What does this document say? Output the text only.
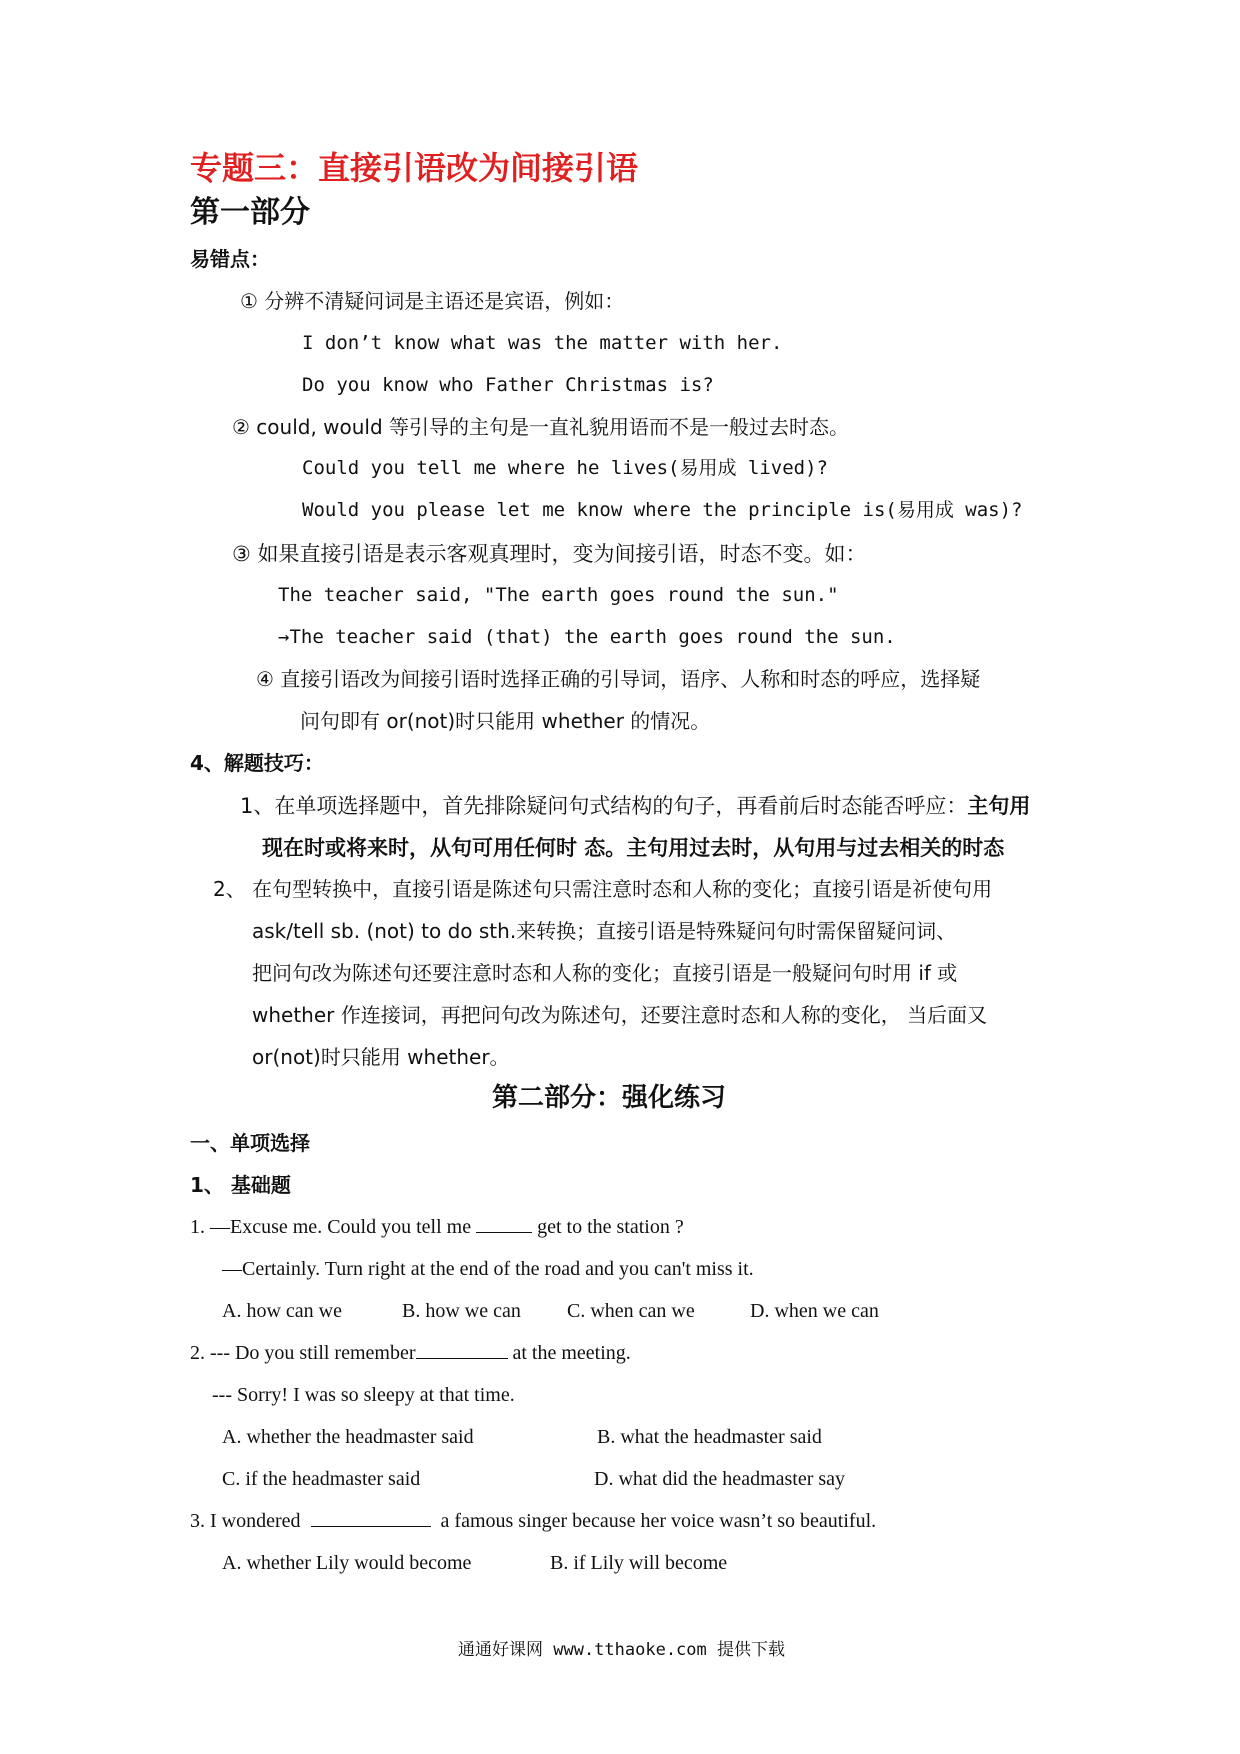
专题三：直接引语改为间接引语
第一部分
易错点：
① 分辨不清疑问词是主语还是宾语，例如：
I don’t know what was the matter with her.
Do you know who Father Christmas is?
② could, would 等引导的主句是一直礼貌用语而不是一般过去时态。
Could you tell me where he lives(易用成 lived)?
Would you please let me know where the principle is(易用成 was)?
③ 如果直接引语是表示客观真理时，变为间接引语，时态不变。如：
The teacher said, "The earth goes round the sun."
→The teacher said (that) the earth goes round the sun.
④ 直接引语改为间接引语时选择正确的引导词，语序、人称和时态的呼应，选择疑
问句即有 or(not)时只能用 whether 的情况。
4、解题技巧：
1、在单项选择题中，首先排除疑问句式结构的句子，再看前后时态能否呼应：主句用
现在时或将来时，从句可用任何时 态。主句用过去时，从句用与过去相关的时态
2、 在句型转换中，直接引语是陈述句只需注意时态和人称的变化；直接引语是祈使句用
ask/tell sb. (not) to do sth.来转换；直接引语是特殊疑问句时需保留疑问词、
把问句改为陈述句还要注意时态和人称的变化；直接引语是一般疑问句时用 if 或
whether 作连接词，再把问句改为陈述句，还要注意时态和人称的变化， 当后面又
or(not)时只能用 whether。
第二部分：强化练习
一、单项选择
1、 基础题
1. —Excuse me. Could you tell me	get to the station ?
—Certainly. Turn right at the end of the road and you can't miss it.
A. how can we	B. how we can C. when can we	D. when we can
2. --- Do you still remember	at the meeting.
--- Sorry! I was so sleepy at that time.
A. whether the headmaster said	B. what the headmaster said
C. if the headmaster said	D. what did the headmaster say
3. I wondered	a famous singer because her voice wasn’t so beautiful.
A. whether Lily would become	B. if Lily will become
通通好课网 www.tthaoke.com 提供下载
